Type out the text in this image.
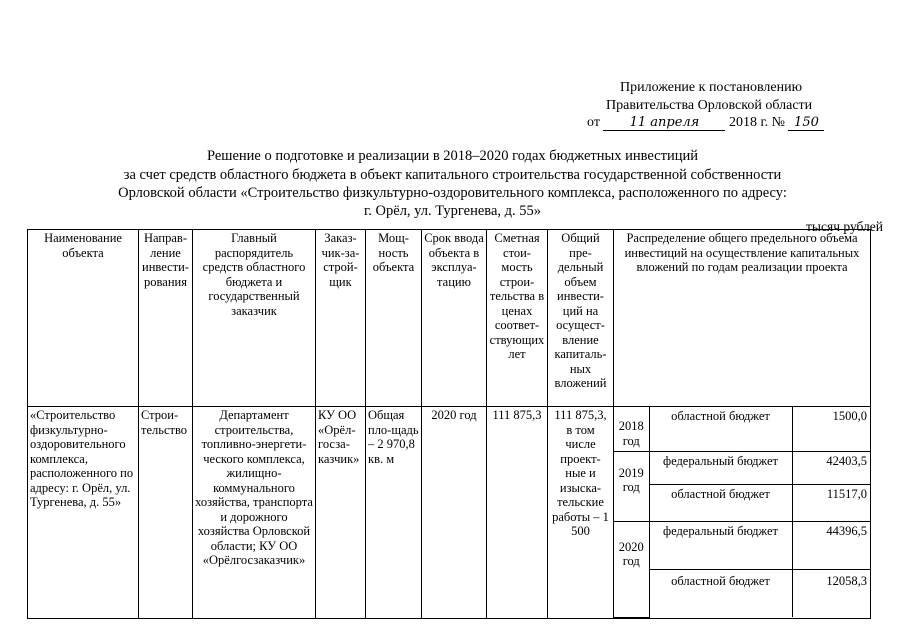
Приложение к постановлению
Правительства Орловской области
от 11 апреля 2018 г. № 150
Решение о подготовке и реализации в 2018–2020 годах бюджетных инвестиций
за счет средств областного бюджета в объект капитального строительства государственной собственности
Орловской области «Строительство физкультурно-оздоровительного комплекса, расположенного по адресу:
г. Орёл, ул. Тургенева, д. 55»
тысяч рублей
Наименование объекта	Направ-ление инвести-рования	Главный распорядитель средств областного бюджета и государственный заказчик	Заказ-чик-за-строй-щик	Мощ-ность объекта	Срок ввода объекта в эксплуа-тацию	Сметная стои-мость строи-тельства в ценах соответ-ствующих лет	Общий пре-дельный объем инвести-ций на осущест-вление капиталь-ных вложений	Распределение общего предельного объема инвестиций на осуществление капитальных вложений по годам реализации проекта
«Строительство физкультурно-оздоровительного комплекса, расположенного по адресу: г. Орёл, ул. Тургенева, д. 55»	Строи-тельство	Департамент строительства, топливно-энергети-ческого комплекса, жилищно-коммунального хозяйства, транспорта и дорожного хозяйства Орловской области; КУ ОО «Орёлгосзаказчик»	КУ ОО «Орёл-госза-казчик»	Общая пло-щадь – 2 970,8 кв. м	2020 год	111 875,3	111 875,3, в том числе проект-ные и изыска-тельские работы – 1 500	
2018 год	областной бюджет	1500,0
2019 год	федеральный бюджет	42403,5
областной бюджет	11517,0
2020 год	федеральный бюджет	44396,5
областной бюджет	12058,3
